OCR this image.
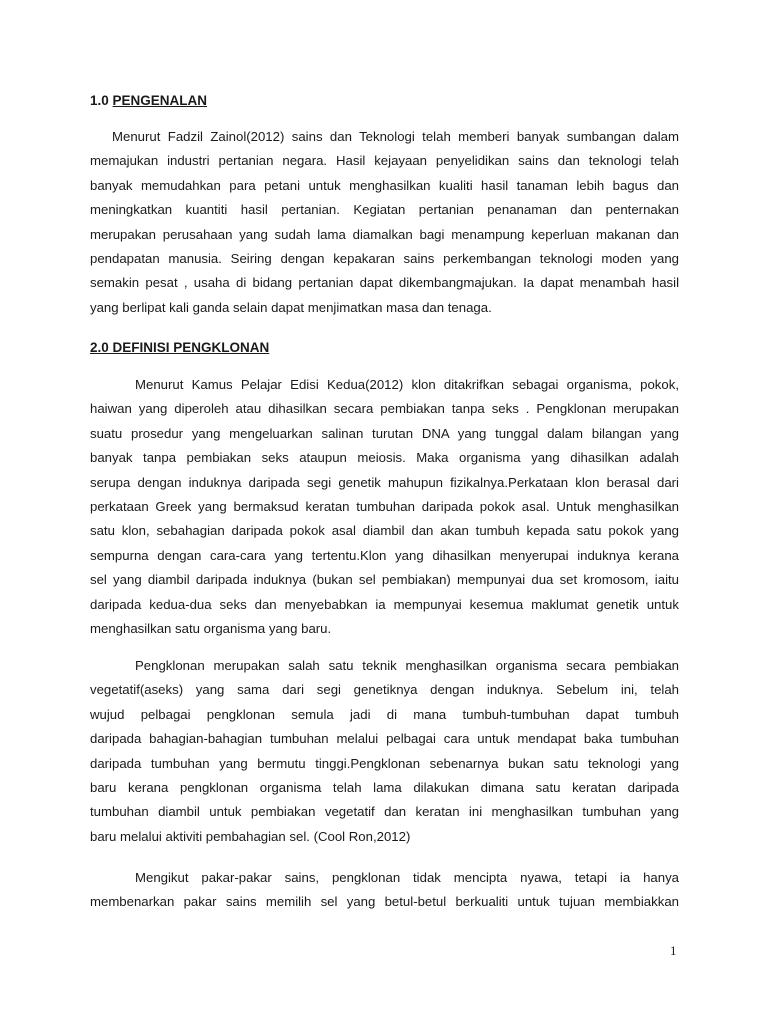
1.0 PENGENALAN
Menurut Fadzil Zainol(2012) sains dan Teknologi telah memberi banyak sumbangan dalam
memajukan industri pertanian negara. Hasil kejayaan penyelidikan sains dan teknologi telah
banyak memudahkan para petani untuk menghasilkan kualiti hasil tanaman lebih bagus dan
meningkatkan kuantiti hasil pertanian. Kegiatan pertanian penanaman dan penternakan
merupakan perusahaan yang sudah lama diamalkan bagi menampung keperluan makanan dan
pendapatan manusia. Seiring dengan kepakaran sains perkembangan teknologi moden yang
semakin pesat , usaha di bidang pertanian dapat dikembangmajukan. Ia dapat menambah hasil
yang berlipat kali ganda selain dapat menjimatkan masa dan tenaga.
2.0 DEFINISI PENGKLONAN
Menurut Kamus Pelajar Edisi Kedua(2012) klon ditakrifkan sebagai organisma, pokok,
haiwan yang diperoleh atau dihasilkan secara pembiakan tanpa seks . Pengklonan merupakan
suatu prosedur yang mengeluarkan salinan turutan DNA yang tunggal dalam bilangan yang
banyak tanpa pembiakan seks ataupun meiosis. Maka organisma yang dihasilkan adalah
serupa dengan induknya daripada segi genetik mahupun fizikalnya.Perkataan klon berasal dari
perkataan Greek yang bermaksud keratan tumbuhan daripada pokok asal. Untuk menghasilkan
satu klon, sebahagian daripada pokok asal diambil dan akan tumbuh kepada satu pokok yang
sempurna dengan cara-cara yang tertentu.Klon yang dihasilkan menyerupai induknya kerana
sel yang diambil daripada induknya (bukan sel pembiakan) mempunyai dua set kromosom, iaitu
daripada kedua-dua seks dan menyebabkan ia mempunyai kesemua maklumat genetik untuk
menghasilkan satu organisma yang baru.
Pengklonan merupakan salah satu teknik menghasilkan organisma secara pembiakan
vegetatif(aseks) yang sama dari segi genetiknya dengan induknya. Sebelum ini, telah
wujud pelbagai pengklonan semula jadi di mana tumbuh-tumbuhan dapat tumbuh
daripada bahagian-bahagian tumbuhan melalui pelbagai cara untuk mendapat baka tumbuhan
daripada tumbuhan yang bermutu tinggi.Pengklonan sebenarnya bukan satu teknologi yang
baru kerana pengklonan organisma telah lama dilakukan dimana satu keratan daripada
tumbuhan diambil untuk pembiakan vegetatif dan keratan ini menghasilkan tumbuhan yang
baru melalui aktiviti pembahagian sel. (Cool Ron,2012)
Mengikut pakar-pakar sains, pengklonan tidak mencipta nyawa, tetapi ia hanya
membenarkan pakar sains memilih sel yang betul-betul berkualiti untuk tujuan membiakkan

1
